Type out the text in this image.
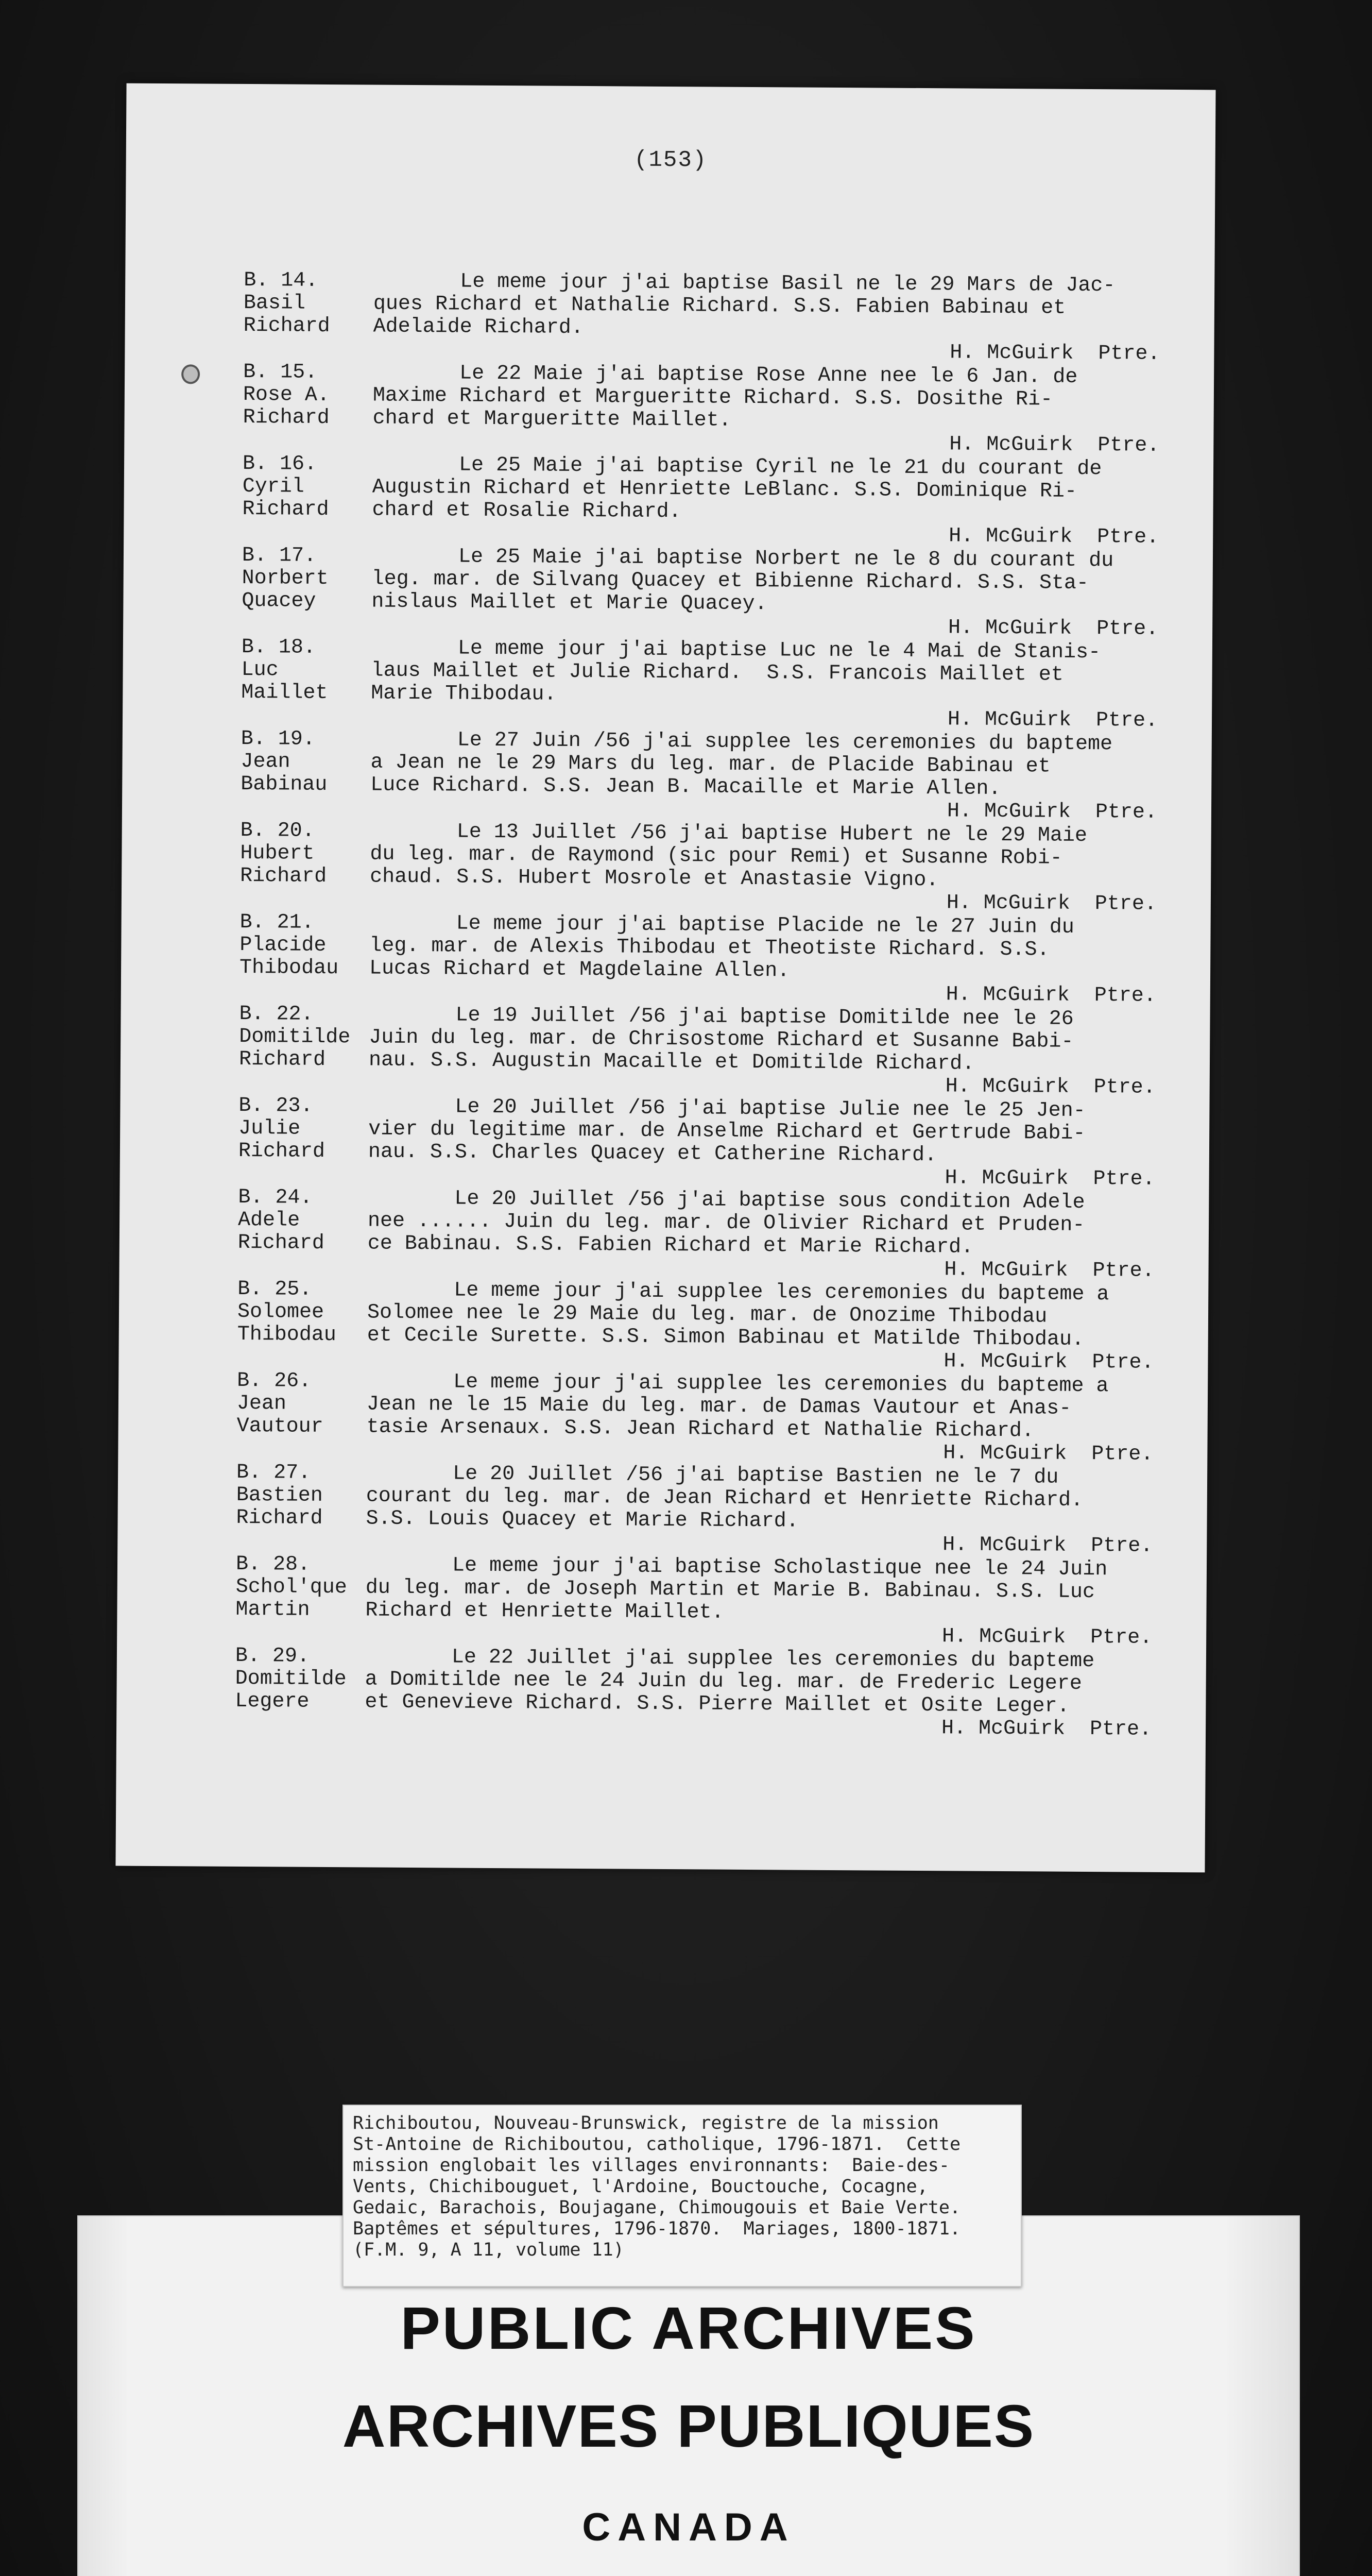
(153)
B. 14.
Basil
Richard
Le meme jour j'ai baptise Basil ne le 29 Mars de Jac-
ques Richard et Nathalie Richard. S.S. Fabien Babinau et
Adelaide Richard.
H. McGuirk  Ptre.
B. 15.
Rose A.
Richard
Le 22 Maie j'ai baptise Rose Anne nee le 6 Jan. de
Maxime Richard et Margueritte Richard. S.S. Dosithe Ri-
chard et Margueritte Maillet.
H. McGuirk  Ptre.
B. 16.
Cyril
Richard
Le 25 Maie j'ai baptise Cyril ne le 21 du courant de
Augustin Richard et Henriette LeBlanc. S.S. Dominique Ri-
chard et Rosalie Richard.
H. McGuirk  Ptre.
B. 17.
Norbert
Quacey
Le 25 Maie j'ai baptise Norbert ne le 8 du courant du
leg. mar. de Silvang Quacey et Bibienne Richard. S.S. Sta-
nislaus Maillet et Marie Quacey.
H. McGuirk  Ptre.
B. 18.
Luc
Maillet
Le meme jour j'ai baptise Luc ne le 4 Mai de Stanis-
laus Maillet et Julie Richard.  S.S. Francois Maillet et
Marie Thibodau.
H. McGuirk  Ptre.
B. 19.
Jean
Babinau
Le 27 Juin /56 j'ai supplee les ceremonies du bapteme
a Jean ne le 29 Mars du leg. mar. de Placide Babinau et
Luce Richard. S.S. Jean B. Macaille et Marie Allen.
H. McGuirk  Ptre.
B. 20.
Hubert
Richard
Le 13 Juillet /56 j'ai baptise Hubert ne le 29 Maie
du leg. mar. de Raymond (sic pour Remi) et Susanne Robi-
chaud. S.S. Hubert Mosrole et Anastasie Vigno.
H. McGuirk  Ptre.
B. 21.
Placide
Thibodau
Le meme jour j'ai baptise Placide ne le 27 Juin du
leg. mar. de Alexis Thibodau et Theotiste Richard. S.S.
Lucas Richard et Magdelaine Allen.
H. McGuirk  Ptre.
B. 22.
Domitilde
Richard
Le 19 Juillet /56 j'ai baptise Domitilde nee le 26
Juin du leg. mar. de Chrisostome Richard et Susanne Babi-
nau. S.S. Augustin Macaille et Domitilde Richard.
H. McGuirk  Ptre.
B. 23.
Julie
Richard
Le 20 Juillet /56 j'ai baptise Julie nee le 25 Jen-
vier du legitime mar. de Anselme Richard et Gertrude Babi-
nau. S.S. Charles Quacey et Catherine Richard.
H. McGuirk  Ptre.
B. 24.
Adele
Richard
Le 20 Juillet /56 j'ai baptise sous condition Adele
nee ...... Juin du leg. mar. de Olivier Richard et Pruden-
ce Babinau. S.S. Fabien Richard et Marie Richard.
H. McGuirk  Ptre.
B. 25.
Solomee
Thibodau
Le meme jour j'ai supplee les ceremonies du bapteme a
Solomee nee le 29 Maie du leg. mar. de Onozime Thibodau
et Cecile Surette. S.S. Simon Babinau et Matilde Thibodau.
H. McGuirk  Ptre.
B. 26.
Jean
Vautour
Le meme jour j'ai supplee les ceremonies du bapteme a
Jean ne le 15 Maie du leg. mar. de Damas Vautour et Anas-
tasie Arsenaux. S.S. Jean Richard et Nathalie Richard.
H. McGuirk  Ptre.
B. 27.
Bastien
Richard
Le 20 Juillet /56 j'ai baptise Bastien ne le 7 du
courant du leg. mar. de Jean Richard et Henriette Richard.
S.S. Louis Quacey et Marie Richard.
H. McGuirk  Ptre.
B. 28.
Schol'que
Martin
Le meme jour j'ai baptise Scholastique nee le 24 Juin
du leg. mar. de Joseph Martin et Marie B. Babinau. S.S. Luc
Richard et Henriette Maillet.
H. McGuirk  Ptre.
B. 29.
Domitilde
Legere
Le 22 Juillet j'ai supplee les ceremonies du bapteme
a Domitilde nee le 24 Juin du leg. mar. de Frederic Legere
et Genevieve Richard. S.S. Pierre Maillet et Osite Leger.
H. McGuirk  Ptre.
PUBLIC ARCHIVES
ARCHIVES PUBLIQUES
CANADA
Richiboutou, Nouveau-Brunswick, registre de la mission
St-Antoine de Richiboutou, catholique, 1796-1871.  Cette
mission englobait les villages environnants:  Baie-des-
Vents, Chichibouguet, l'Ardoine, Bouctouche, Cocagne,
Gedaic, Barachois, Boujagane, Chimougouis et Baie Verte.
Baptêmes et sépultures, 1796-1870.  Mariages, 1800-1871.
(F.M. 9, A 11, volume 11)
